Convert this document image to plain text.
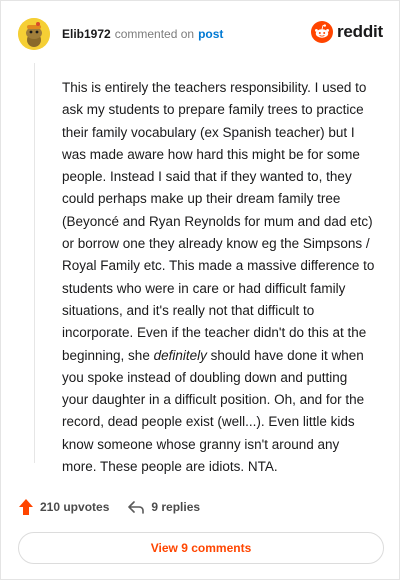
Elib1972 commented on post	reddit
This is entirely the teachers responsibility. I used to ask my students to prepare family trees to practice their family vocabulary (ex Spanish teacher) but I was made aware how hard this might be for some people. Instead I said that if they wanted to, they could perhaps make up their dream family tree (Beyoncé and Ryan Reynolds for mum and dad etc) or borrow one they already know eg the Simpsons / Royal Family etc. This made a massive difference to students who were in care or had difficult family situations, and it's really not that difficult to incorporate. Even if the teacher didn't do this at the beginning, she definitely should have done it when you spoke instead of doubling down and putting your daughter in a difficult position. Oh, and for the record, dead people exist (well...). Even little kids know someone whose granny isn't around any more. These people are idiots. NTA.
210 upvotes	9 replies
View 9 comments
